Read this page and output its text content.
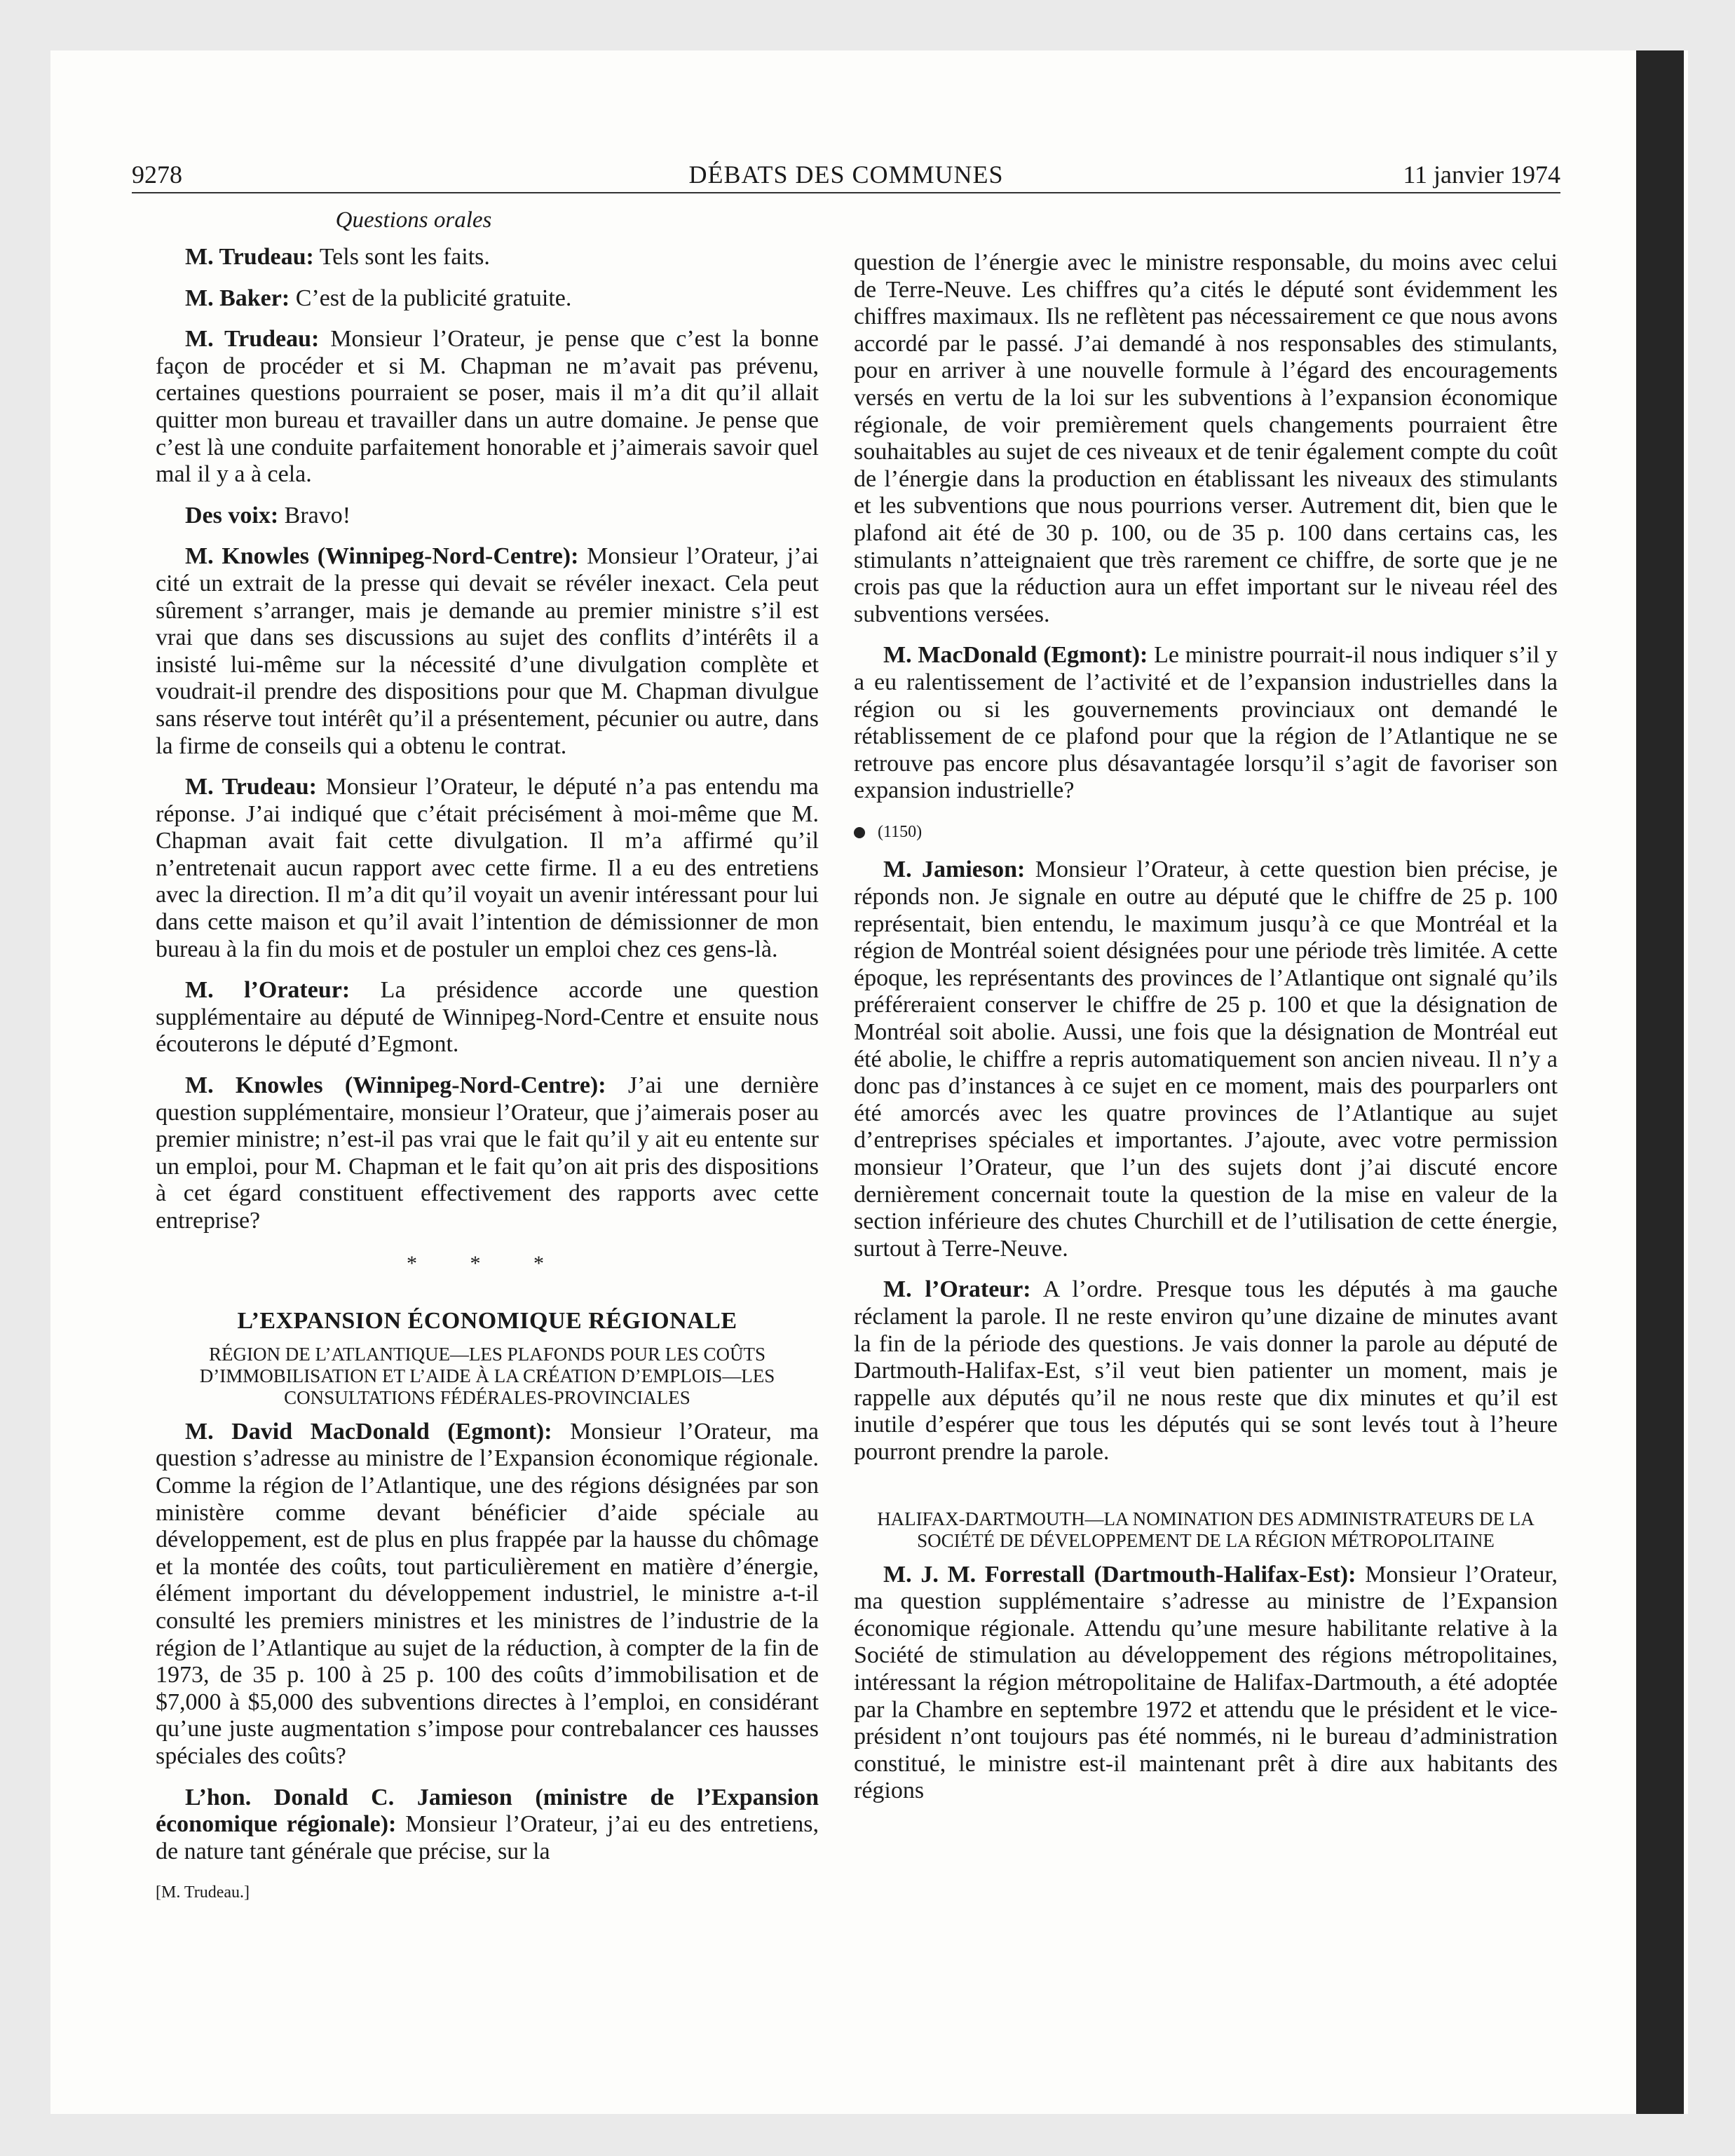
9278	DÉBATS DES COMMUNES	11 janvier 1974
Questions orales

M. Trudeau: Tels sont les faits.

M. Baker: C’est de la publicité gratuite.

M. Trudeau: Monsieur l’Orateur, je pense que c’est la bonne façon de procéder et si M. Chapman ne m’avait pas prévenu, certaines questions pourraient se poser, mais il m’a dit qu’il allait quitter mon bureau et travailler dans un autre domaine. Je pense que c’est là une conduite parfaitement honorable et j’aimerais savoir quel mal il y a à cela.

Des voix: Bravo!

M. Knowles (Winnipeg-Nord-Centre): Monsieur l’Orateur, j’ai cité un extrait de la presse qui devait se révéler inexact. Cela peut sûrement s’arranger, mais je demande au premier ministre s’il est vrai que dans ses discussions au sujet des conflits d’intérêts il a insisté lui-même sur la nécessité d’une divulgation complète et voudrait-il prendre des dispositions pour que M. Chapman divulgue sans réserve tout intérêt qu’il a présentement, pécunier ou autre, dans la firme de conseils qui a obtenu le contrat.

M. Trudeau: Monsieur l’Orateur, le député n’a pas entendu ma réponse. J’ai indiqué que c’était précisément à moi-même que M. Chapman avait fait cette divulgation. Il m’a affirmé qu’il n’entretenait aucun rapport avec cette firme. Il a eu des entretiens avec la direction. Il m’a dit qu’il voyait un avenir intéressant pour lui dans cette maison et qu’il avait l’intention de démissionner de mon bureau à la fin du mois et de postuler un emploi chez ces gens-là.

M. l’Orateur: La présidence accorde une question supplémentaire au député de Winnipeg-Nord-Centre et ensuite nous écouterons le député d’Egmont.

M. Knowles (Winnipeg-Nord-Centre): J’ai une dernière question supplémentaire, monsieur l’Orateur, que j’aimerais poser au premier ministre; n’est-il pas vrai que le fait qu’il y ait eu entente sur un emploi, pour M. Chapman et le fait qu’on ait pris des dispositions à cet égard constituent effectivement des rapports avec cette entreprise?

* * *
L’EXPANSION ÉCONOMIQUE RÉGIONALE
RÉGION DE L’ATLANTIQUE—LES PLAFONDS POUR LES COÛTS D’IMMOBILISATION ET L’AIDE À LA CRÉATION D’EMPLOIS—LES CONSULTATIONS FÉDÉRALES-PROVINCIALES

M. David MacDonald (Egmont): Monsieur l’Orateur, ma question s’adresse au ministre de l’Expansion économique régionale. Comme la région de l’Atlantique, une des régions désignées par son ministère comme devant bénéficier d’aide spéciale au développement, est de plus en plus frappée par la hausse du chômage et la montée des coûts, tout particulièrement en matière d’énergie, élément important du développement industriel, le ministre a-t-il consulté les premiers ministres et les ministres de l’industrie de la région de l’Atlantique au sujet de la réduction, à compter de la fin de 1973, de 35 p. 100 à 25 p. 100 des coûts d’immobilisation et de $7,000 à $5,000 des subventions directes à l’emploi, en considérant qu’une juste augmentation s’impose pour contrebalancer ces hausses spéciales des coûts?

L’hon. Donald C. Jamieson (ministre de l’Expansion économique régionale): Monsieur l’Orateur, j’ai eu des entretiens, de nature tant générale que précise, sur la

[M. Trudeau.]

question de l’énergie avec le ministre responsable, du moins avec celui de Terre-Neuve. Les chiffres qu’a cités le député sont évidemment les chiffres maximaux. Ils ne reflètent pas nécessairement ce que nous avons accordé par le passé. J’ai demandé à nos responsables des stimulants, pour en arriver à une nouvelle formule à l’égard des encouragements versés en vertu de la loi sur les subventions à l’expansion économique régionale, de voir premièrement quels changements pourraient être souhaitables au sujet de ces niveaux et de tenir également compte du coût de l’énergie dans la production en établissant les niveaux des stimulants et les subventions que nous pourrions verser. Autrement dit, bien que le plafond ait été de 30 p. 100, ou de 35 p. 100 dans certains cas, les stimulants n’atteignaient que très rarement ce chiffre, de sorte que je ne crois pas que la réduction aura un effet important sur le niveau réel des subventions versées.

M. MacDonald (Egmont): Le ministre pourrait-il nous indiquer s’il y a eu ralentissement de l’activité et de l’expansion industrielles dans la région ou si les gouvernements provinciaux ont demandé le rétablissement de ce plafond pour que la région de l’Atlantique ne se retrouve pas encore plus désavantagée lorsqu’il s’agit de favoriser son expansion industrielle?

(1150)

M. Jamieson: Monsieur l’Orateur, à cette question bien précise, je réponds non. Je signale en outre au député que le chiffre de 25 p. 100 représentait, bien entendu, le maximum jusqu’à ce que Montréal et la région de Montréal soient désignées pour une période très limitée. A cette époque, les représentants des provinces de l’Atlantique ont signalé qu’ils préféreraient conserver le chiffre de 25 p. 100 et que la désignation de Montréal soit abolie. Aussi, une fois que la désignation de Montréal eut été abolie, le chiffre a repris automatiquement son ancien niveau. Il n’y a donc pas d’instances à ce sujet en ce moment, mais des pourparlers ont été amorcés avec les quatre provinces de l’Atlantique au sujet d’entreprises spéciales et importantes. J’ajoute, avec votre permission monsieur l’Orateur, que l’un des sujets dont j’ai discuté encore dernièrement concernait toute la question de la mise en valeur de la section inférieure des chutes Churchill et de l’utilisation de cette énergie, surtout à Terre-Neuve.

M. l’Orateur: A l’ordre. Presque tous les députés à ma gauche réclament la parole. Il ne reste environ qu’une dizaine de minutes avant la fin de la période des questions. Je vais donner la parole au député de Dartmouth-Halifax-Est, s’il veut bien patienter un moment, mais je rappelle aux députés qu’il ne nous reste que dix minutes et qu’il est inutile d’espérer que tous les députés qui se sont levés tout à l’heure pourront prendre la parole.

HALIFAX-DARTMOUTH—LA NOMINATION DES ADMINISTRATEURS DE LA SOCIÉTÉ DE DÉVELOPPEMENT DE LA RÉGION MÉTROPOLITAINE

M. J. M. Forrestall (Dartmouth-Halifax-Est): Monsieur l’Orateur, ma question supplémentaire s’adresse au ministre de l’Expansion économique régionale. Attendu qu’une mesure habilitante relative à la Société de stimulation au développement des régions métropolitaines, intéressant la région métropolitaine de Halifax-Dartmouth, a été adoptée par la Chambre en septembre 1972 et attendu que le président et le vice-président n’ont toujours pas été nommés, ni le bureau d’administration constitué, le ministre est-il maintenant prêt à dire aux habitants des régions
